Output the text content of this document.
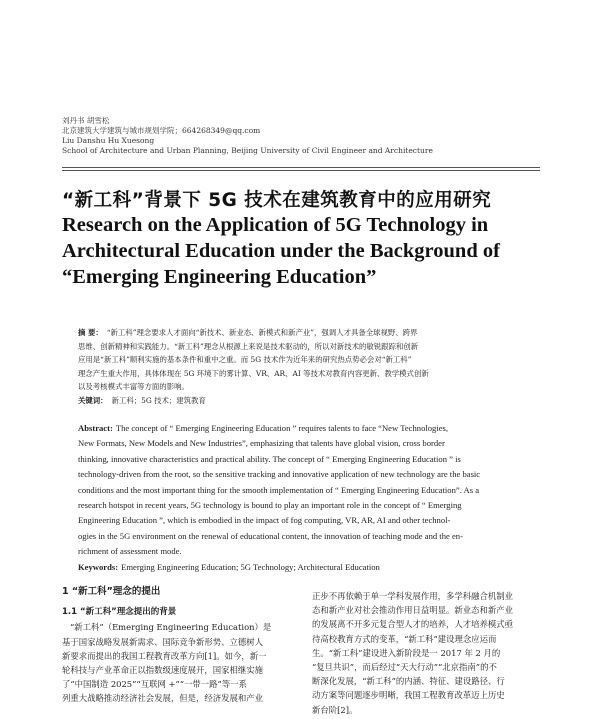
刘丹书 胡雪松
北京建筑大学建筑与城市规划学院；664268349@qq.com
Liu Danshu Hu Xuesong
School of Architecture and Urban Planning, Beijing University of Civil Engineer and Architecture
“新工科”背景下 5G 技术在建筑教育中的应用研究
Research on the Application of 5G Technology in
Architectural Education under the Background of
“Emerging Engineering Education”
摘 要： “新工科”理念要求人才面向“新技术、新业态、新模式和新产业”，强调人才具备全球视野、跨界
思维、创新精神和实践能力。“新工科”理念从根源上来说是技术驱动的，所以对新技术的敏锐跟踪和创新
应用是“新工科”顺利实施的基本条件和重中之重。而 5G 技术作为近年来的研究热点势必会对“新工科”
理念产生重大作用，具体体现在 5G 环境下的雾计算、VR、AR、AI 等技术对教育内容更新、教学模式创新
以及考核模式丰富等方面的影响。
关键词： 新工科；5G 技术；建筑教育
Abstract: The concept of “ Emerging Engineering Education ” requires talents to face “New Technologies,
New Formats, New Models and New Industries”, emphasizing that talents have global vision, cross border
thinking, innovative characteristics and practical ability. The concept of “ Emerging Engineering Education ” is
technology-driven from the root, so the sensitive tracking and innovative application of new technology are the basic
conditions and the most important thing for the smooth implementation of “ Emerging Engineering Education”. As a
research hotspot in recent years, 5G technology is bound to play an important role in the concept of “ Emerging
Engineering Education ”, which is embodied in the impact of fog computing, VR, AR, AI and other technol-
ogies in the 5G environment on the renewal of educational content, the innovation of teaching mode and the en-
richment of assessment mode.
Keywords: Emerging Engineering Education; 5G Technology; Architectural Education
1 “新工科”理念的提出
1.1 “新工科”理念提出的背景
“新工科”（Emerging Engineering Education）是
基于国家战略发展新需求、国际竞争新形势、立德树人
新要求而提出的我国工程教育改革方向[1]。如今，新一
轮科技与产业革命正以指数级速度展开，国家相继实施
了“中国制造 2025”“互联网 +”“一带一路”等一系
列重大战略推动经济社会发展，但是，经济发展和产业
正步不再依赖于单一学科发展作用，多学科融合机制业
态和新产业对社会推动作用日益明显。新业态和新产业
的发展离不开多元复合型人才的培养，人才培养模式亟
待高校教育方式的变革，“新工科”建设理念应运而
生。“新工科”建设进入新阶段是一 2017 年 2 月的
“复旦共识”，而后经过“天大行动”“北京指南”的不
断深化发展，“新工科”的内涵、特征、建设路径、行
动方案等问题逐步明晰，我国工程教育改革迈上历史
新台阶[2]。
